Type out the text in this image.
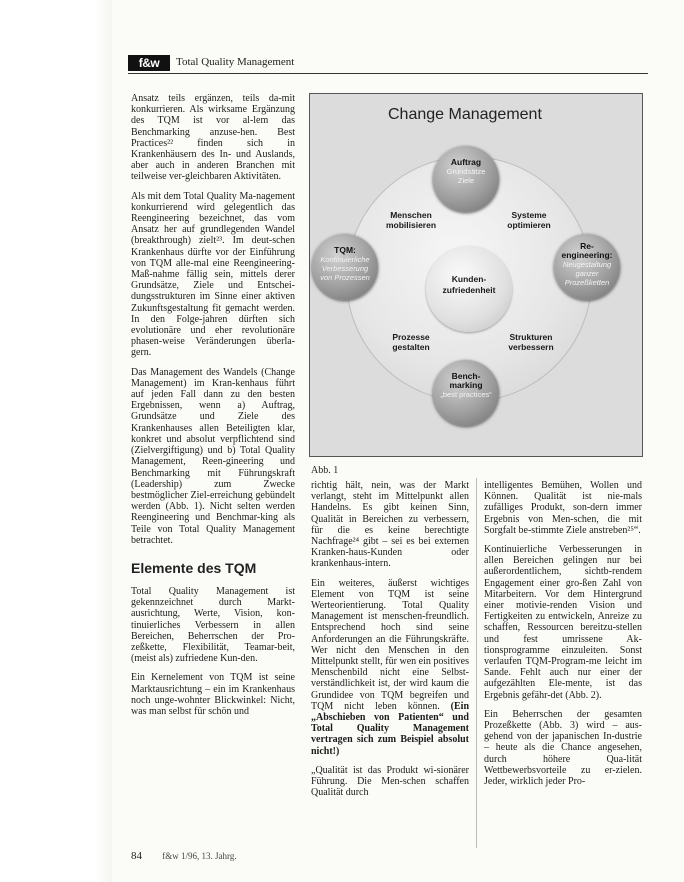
f&w	Total Quality Management

Ansatz teils ergänzen, teils da-mit konkurrieren. Als wirksame Ergänzung des TQM ist vor al-lem das Benchmarking anzuse-hen. Best Practices²² finden sich in Krankenhäusern des In- und Auslands, aber auch in anderen Branchen mit teilweise ver-gleichbaren Aktivitäten.

Als mit dem Total Quality Ma-nagement konkurrierend wird gelegentlich das Reengineering bezeichnet, das vom Ansatz her auf grundlegenden Wandel (breakthrough) zielt²³. Im deut-schen Krankenhaus dürfte vor der Einführung von TQM alle-mal eine Reengineering-Maß-nahme fällig sein, mittels derer Grundsätze, Ziele und Entschei-dungsstrukturen im Sinne einer aktiven Zukunftsgestaltung fit gemacht werden. In den Folge-jahren dürften sich evolutionäre und eher revolutionäre phasen-weise Veränderungen überla-gern.

Das Management des Wandels (Change Management) im Kran-kenhaus führt auf jeden Fall dann zu den besten Ergebnissen, wenn a) Auftrag, Grundsätze und Ziele des Krankenhauses allen Beteiligten klar, konkret und absolut verpflichtend sind (Zielvergiftigung) und b) Total Quality Management, Reen-gineering und Benchmarking mit Führungskraft (Leadership) zum Zwecke bestmöglicher Ziel-erreichung gebündelt werden (Abb. 1). Nicht selten werden Reengineering und Benchmar-king als Teile von Total Quality Management betrachtet.

Elemente des TQM

Total Quality Management ist gekennzeichnet durch Markt-ausrichtung, Werte, Vision, kon-tinuierliches Verbessern in allen Bereichen, Beherrschen der Pro-zeßkette, Flexibilität, Teamar-beit, (meist als) zufriedene Kun-den.

Ein Kernelement von TQM ist seine Marktausrichtung – ein im Krankenhaus noch unge-wohnter Blickwinkel: Nicht, was man selbst für schön und

Change Management
Kunden-
zufriedenheit
Menschen
mobilisieren
Systeme
optimieren
Prozesse
gestalten
Strukturen
verbessern
Auftrag
Grundsätze
Ziele
TQM:
Kontinuierliche
Verbesserung
von Prozessen
Re-
engineering:
Neugestaltung
ganzer
Prozeßketten
Bench-
marking
„best practices“
Abb. 1

richtig hält, nein, was der Markt verlangt, steht im Mittelpunkt allen Handelns. Es gibt keinen Sinn, Qualität in Bereichen zu verbessern, für die es keine berechtigte Nachfrage²⁴ gibt – sei es bei externen Kranken-haus-Kunden oder krankenhaus-intern.

Ein weiteres, äußerst wichtiges Element von TQM ist seine Werteorientierung. Total Quality Management ist menschen-freundlich. Entsprechend hoch sind seine Anforderungen an die Führungskräfte. Wer nicht den Menschen in den Mittelpunkt stellt, für wen ein positives Menschenbild nicht eine Selbst-verständlichkeit ist, der wird kaum die Grundidee von TQM begreifen und TQM nicht leben können. (Ein „Abschieben von Patienten“ und Total Quality Management vertragen sich zum Beispiel absolut nicht!)

„Qualität ist das Produkt wi-sionärer Führung. Die Men-schen schaffen Qualität durch

intelligentes Bemühen, Wollen und Können. Qualität ist nie-mals zufälliges Produkt, son-dern immer Ergebnis von Men-schen, die mit Sorgfalt be-stimmte Ziele anstreben²⁵“.

Kontinuierliche Verbesserungen in allen Bereichen gelingen nur bei außerordentlichem, sichtb-rendem Engagement einer gro-ßen Zahl von Mitarbeitern. Vor dem Hintergrund einer motivie-renden Vision und Fertigkeiten zu entwickeln, Anreize zu schaffen, Ressourcen bereitzu-stellen und fest umrissene Ak-tionsprogramme einzuleiten. Sonst verlaufen TQM-Program-me leicht im Sande. Fehlt auch nur einer der aufgezählten Ele-mente, ist das Ergebnis gefähr-det (Abb. 2).

Ein Beherrschen der gesamten Prozeßkette (Abb. 3) wird – aus-gehend von der japanischen In-dustrie – heute als die Chance angesehen, durch höhere Qua-lität Wettbewerbsvorteile zu er-zielen. Jeder, wirklich jeder Pro-

84 f&w 1/96, 13. Jahrg.
